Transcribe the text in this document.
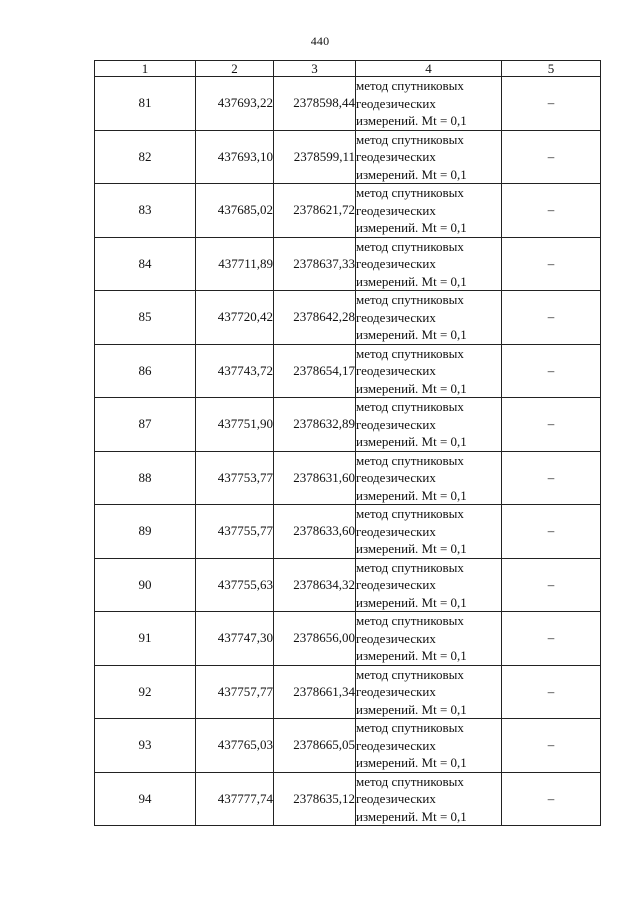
440
1	2	3	4	5
81	437693,22	2378598,44	метод спутниковых
геодезических
измерений. Mt = 0,1	–
82	437693,10	2378599,11	метод спутниковых
геодезических
измерений. Mt = 0,1	–
83	437685,02	2378621,72	метод спутниковых
геодезических
измерений. Mt = 0,1	–
84	437711,89	2378637,33	метод спутниковых
геодезических
измерений. Mt = 0,1	–
85	437720,42	2378642,28	метод спутниковых
геодезических
измерений. Mt = 0,1	–
86	437743,72	2378654,17	метод спутниковых
геодезических
измерений. Mt = 0,1	–
87	437751,90	2378632,89	метод спутниковых
геодезических
измерений. Mt = 0,1	–
88	437753,77	2378631,60	метод спутниковых
геодезических
измерений. Mt = 0,1	–
89	437755,77	2378633,60	метод спутниковых
геодезических
измерений. Mt = 0,1	–
90	437755,63	2378634,32	метод спутниковых
геодезических
измерений. Mt = 0,1	–
91	437747,30	2378656,00	метод спутниковых
геодезических
измерений. Mt = 0,1	–
92	437757,77	2378661,34	метод спутниковых
геодезических
измерений. Mt = 0,1	–
93	437765,03	2378665,05	метод спутниковых
геодезических
измерений. Mt = 0,1	–
94	437777,74	2378635,12	метод спутниковых
геодезических
измерений. Mt = 0,1	–
